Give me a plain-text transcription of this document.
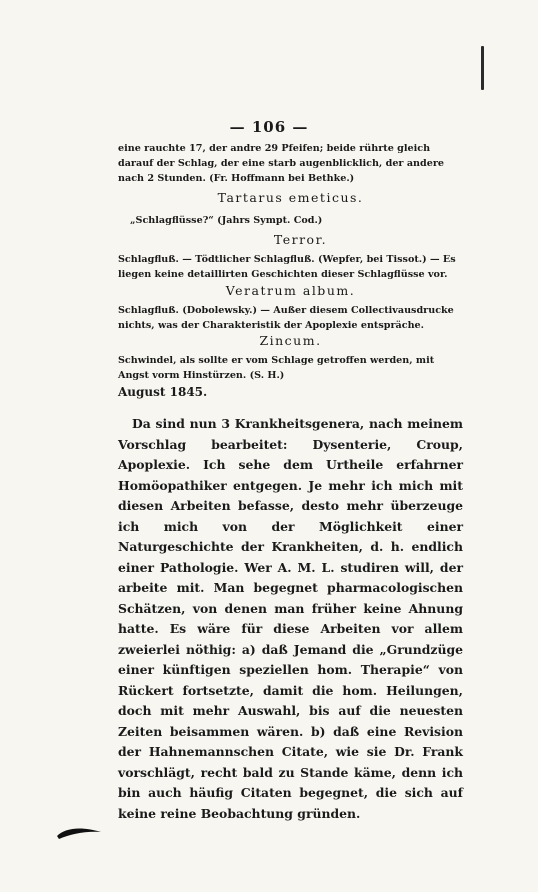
— 106 —
eine rauchte 17, der andre 29 Pfeifen; beide rührte gleich darauf der Schlag, der eine starb augenblicklich, der andere nach 2 Stunden. (Fr. Hoffmann bei Bethke.)
Tartarus emeticus.
„Schlagflüsse?“ (Jahrs Sympt. Cod.)
Terror.
Schlagfluß. — Tödtlicher Schlagfluß. (Wepfer, bei Tissot.) — Es liegen keine detaillirten Geschichten dieser Schlagflüsse vor.
Veratrum album.
Schlagfluß. (Dobolewsky.) — Außer diesem Collectivausdrucke nichts, was der Charakteristik der Apoplexie entspräche.
Zincum.
Schwindel, als sollte er vom Schlage getroffen werden, mit Angst vorm Hinstürzen. (S. H.)
August 1845.

Da sind nun 3 Krankheitsgenera, nach meinem Vorschlag bearbeitet: Dysenterie, Croup, Apoplexie. Ich sehe dem Urtheile erfahrner Homöopathiker entgegen. Je mehr ich mich mit diesen Arbeiten befasse, desto mehr überzeuge ich mich von der Möglichkeit einer Naturgeschichte der Krankheiten, d. h. endlich einer Pathologie. Wer A. M. L. studiren will, der arbeite mit. Man begegnet pharmacologischen Schätzen, von denen man früher keine Ahnung hatte. Es wäre für diese Arbeiten vor allem zweierlei nöthig: a) daß Jemand die „Grundzüge einer künftigen speziellen hom. Therapie“ von Rückert fortsetzte, damit die hom. Heilungen, doch mit mehr Auswahl, bis auf die neuesten Zeiten beisammen wären. b) daß eine Revision der Hahnemannschen Citate, wie sie Dr. Frank vorschlägt, recht bald zu Stande käme, denn ich bin auch häufig Citaten begegnet, die sich auf keine reine Beobachtung gründen.
